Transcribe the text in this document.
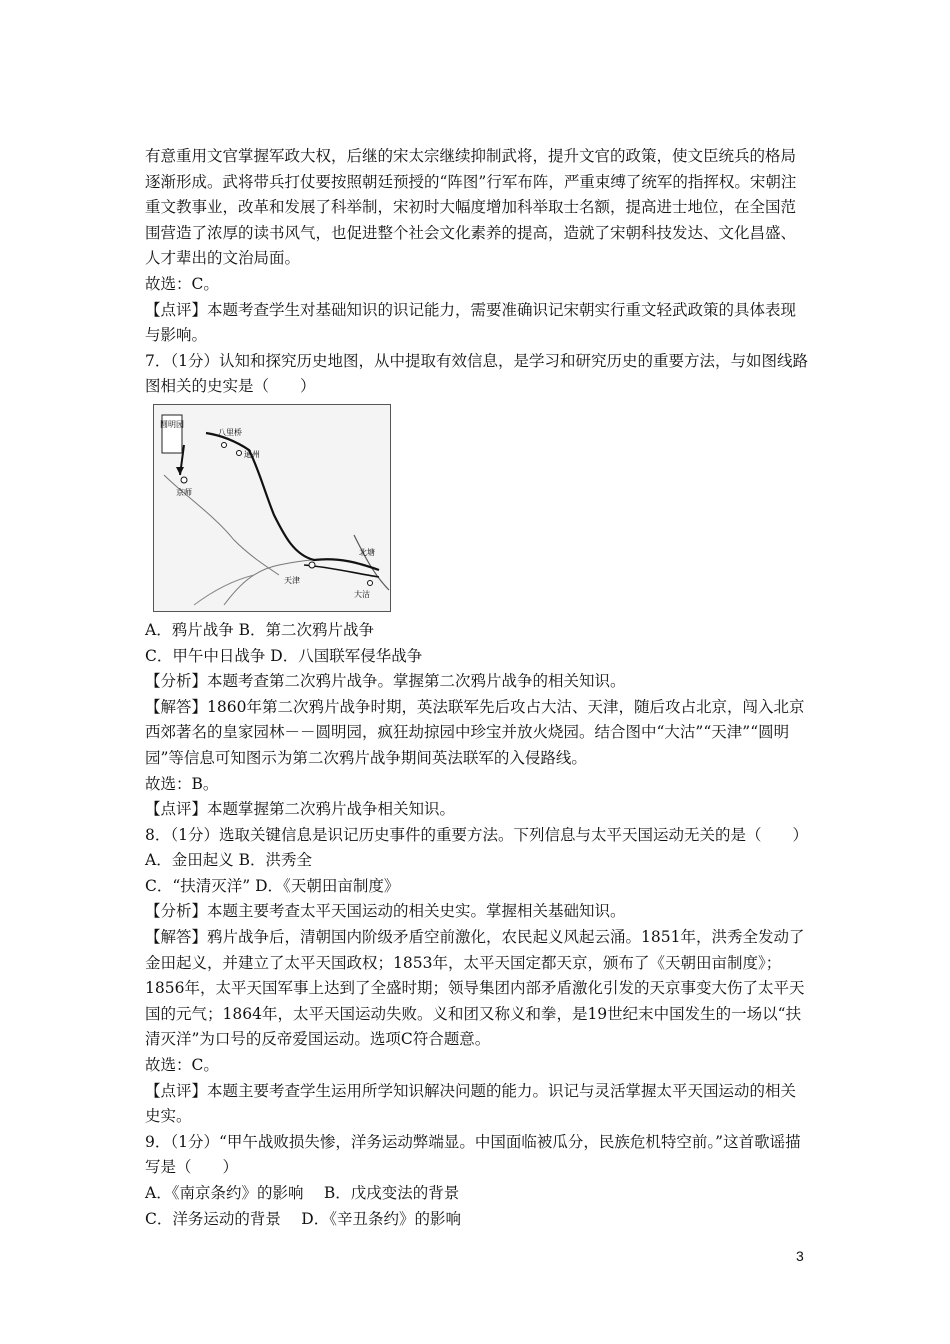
有意重用文官掌握军政大权，后继的宋太宗继续抑制武将，提升文官的政策，使文臣统兵的格局逐渐形成。武将带兵打仗要按照朝廷预授的“阵图”行军布阵，严重束缚了统军的指挥权。宋朝注重文教事业，改革和发展了科举制，宋初时大幅度增加科举取士名额，提高进士地位，在全国范围营造了浓厚的读书风气，也促进整个社会文化素养的提高，造就了宋朝科技发达、文化昌盛、人才辈出的文治局面。

故选：C。

【点评】本题考查学生对基础知识的识记能力，需要准确识记宋朝实行重文轻武政策的具体表现与影响。

7．（1分）认知和探究历史地图，从中提取有效信息，是学习和研究历史的重要方法，与如图线路图相关的史实是（　　）

圆明园
八里桥
通州
京师
天津
北塘
大沽

A．鸦片战争 B．第二次鸦片战争

C．甲午中日战争 D．八国联军侵华战争

【分析】本题考查第二次鸦片战争。掌握第二次鸦片战争的相关知识。

【解答】1860年第二次鸦片战争时期，英法联军先后攻占大沽、天津，随后攻占北京，闯入北京西郊著名的皇家园林－－圆明园，疯狂劫掠园中珍宝并放火烧园。结合图中“大沽”“天津”“圆明园”等信息可知图示为第二次鸦片战争期间英法联军的入侵路线。

故选：B。

【点评】本题掌握第二次鸦片战争相关知识。

8．（1分）选取关键信息是识记历史事件的重要方法。下列信息与太平天国运动无关的是（　　）

A．金田起义 B．洪秀全

C．“扶清灭洋” D．《天朝田亩制度》

【分析】本题主要考查太平天国运动的相关史实。掌握相关基础知识。

【解答】鸦片战争后，清朝国内阶级矛盾空前激化，农民起义风起云涌。1851年，洪秀全发动了金田起义，并建立了太平天国政权；1853年，太平天国定都天京，颁布了《天朝田亩制度》；1856年，太平天国军事上达到了全盛时期；领导集团内部矛盾激化引发的天京事变大伤了太平天国的元气；1864年，太平天国运动失败。义和团又称义和拳，是19世纪末中国发生的一场以“扶清灭洋”为口号的反帝爱国运动。选项C符合题意。

故选：C。

【点评】本题主要考查学生运用所学知识解决问题的能力。识记与灵活掌握太平天国运动的相关史实。

9．（1分）“甲午战败损失惨，洋务运动弊端显。中国面临被瓜分，民族危机特空前。”这首歌谣描写是（　　）

A．《南京条约》的影响　 B．戊戌变法的背景

C．洋务运动的背景　 D．《辛丑条约》的影响

3
